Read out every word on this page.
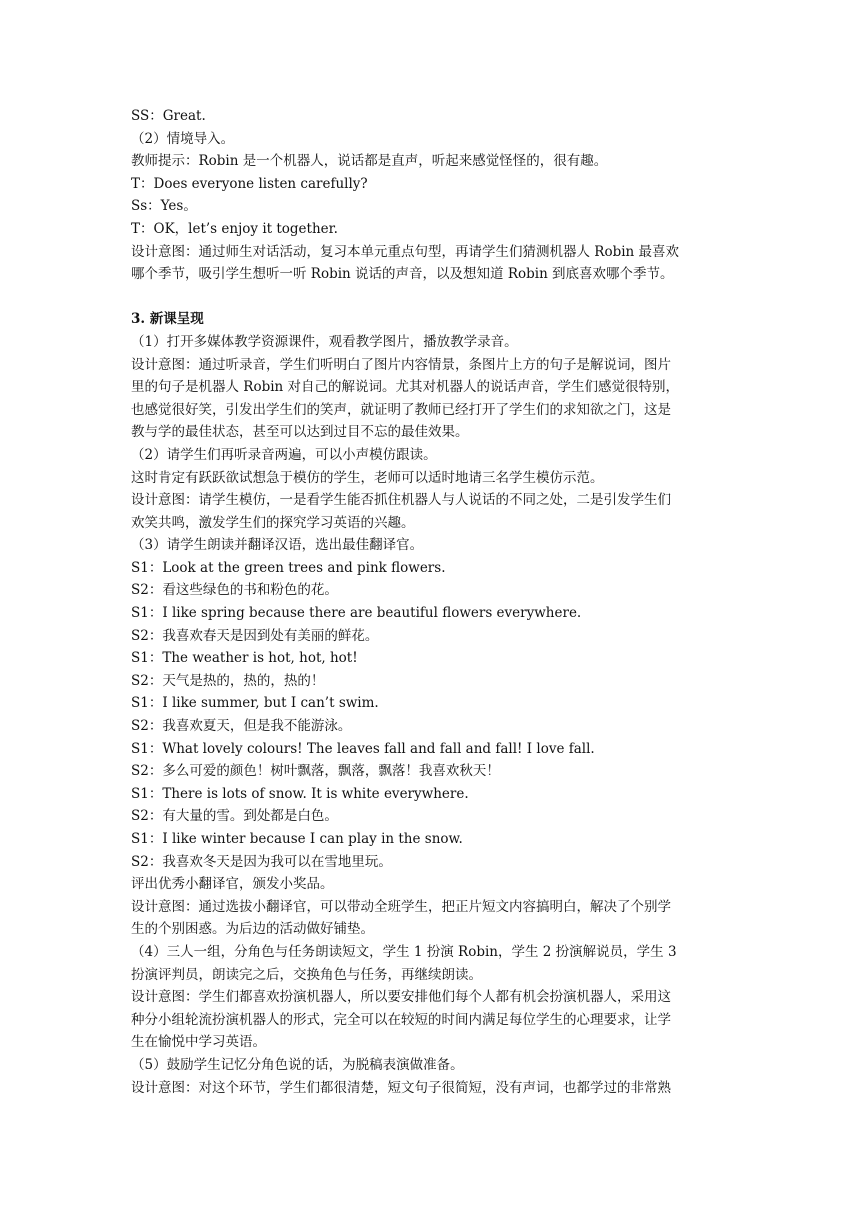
SS：Great.
（2）情境导入。
教师提示：Robin 是一个机器人，说话都是直声，听起来感觉怪怪的，很有趣。
T：Does everyone listen carefully?
Ss：Yes。
T：OK，let’s enjoy it together.
设计意图：通过师生对话活动，复习本单元重点句型，再请学生们猜测机器人 Robin 最喜欢
哪个季节，吸引学生想听一听 Robin 说话的声音，以及想知道 Robin 到底喜欢哪个季节。
3. 新课呈现
（1）打开多媒体教学资源课件，观看教学图片，播放教学录音。
设计意图：通过听录音，学生们听明白了图片内容情景，条图片上方的句子是解说词，图片
里的句子是机器人 Robin 对自己的解说词。尤其对机器人的说话声音，学生们感觉很特别，
也感觉很好笑，引发出学生们的笑声，就证明了教师已经打开了学生们的求知欲之门，这是
教与学的最佳状态，甚至可以达到过目不忘的最佳效果。
（2）请学生们再听录音两遍，可以小声模仿跟读。
这时肯定有跃跃欲试想急于模仿的学生，老师可以适时地请三名学生模仿示范。
设计意图：请学生模仿，一是看学生能否抓住机器人与人说话的不同之处，二是引发学生们
欢笑共鸣，激发学生们的探究学习英语的兴趣。
（3）请学生朗读并翻译汉语，选出最佳翻译官。
S1：Look at the green trees and pink flowers.
S2：看这些绿色的书和粉色的花。
S1：I like spring because there are beautiful flowers everywhere.
S2：我喜欢春天是因到处有美丽的鲜花。
S1：The weather is hot, hot, hot!
S2：天气是热的，热的，热的！
S1：I like summer, but I can’t swim.
S2：我喜欢夏天，但是我不能游泳。
S1：What lovely colours! The leaves fall and fall and fall! I love fall.
S2：多么可爱的颜色！树叶飘落，飘落，飘落！我喜欢秋天！
S1：There is lots of snow. It is white everywhere.
S2：有大量的雪。到处都是白色。
S1：I like winter because I can play in the snow.
S2：我喜欢冬天是因为我可以在雪地里玩。
评出优秀小翻译官，颁发小奖品。
设计意图：通过选拔小翻译官，可以带动全班学生，把正片短文内容搞明白，解决了个别学
生的个别困惑。为后边的活动做好铺垫。
（4）三人一组，分角色与任务朗读短文，学生 1 扮演 Robin，学生 2 扮演解说员，学生 3
扮演评判员，朗读完之后，交换角色与任务，再继续朗读。
设计意图：学生们都喜欢扮演机器人，所以要安排他们每个人都有机会扮演机器人，采用这
种分小组轮流扮演机器人的形式，完全可以在较短的时间内满足每位学生的心理要求，让学
生在愉悦中学习英语。
（5）鼓励学生记忆分角色说的话，为脱稿表演做准备。
设计意图：对这个环节，学生们都很清楚，短文句子很简短，没有声词，也都学过的非常熟
